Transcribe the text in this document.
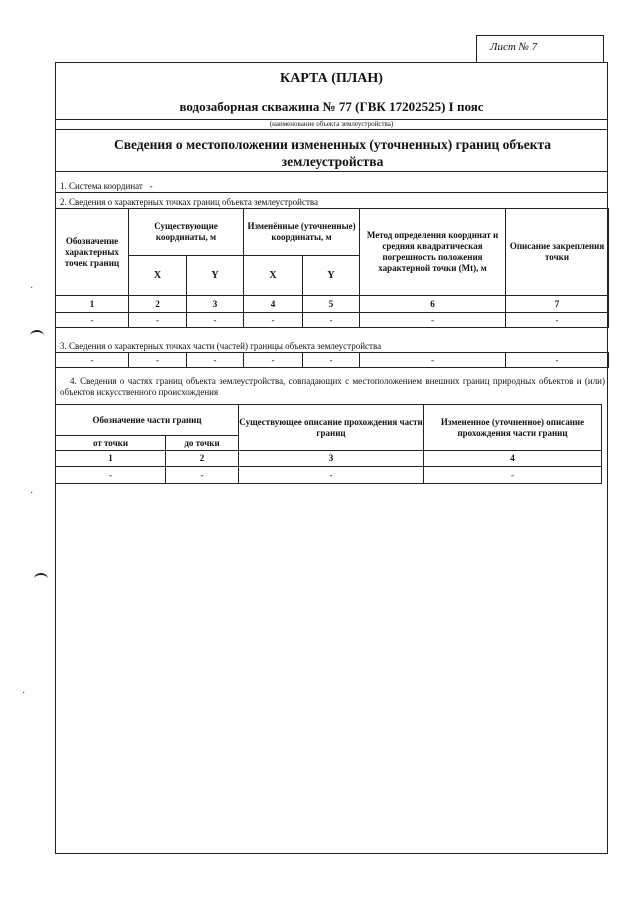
Лист № 7
·
·
·
КАРТА (ПЛАН)
водозаборная скважина № 77 (ГВК 17202525) I пояс
(наименование объекта землеустройства)
Сведения о местоположении измененных (уточненных) границ объекта землеустройства
1. Система координат -
2. Сведения о характерных точках границ объекта землеустройства
Обозначение характерных точек границ	Существующие координаты, м		Изменённые (уточненные) координаты, м		Метод определения координат и средняя квадратическая погрешность положения характерной точки (Mt), м	Описание закрепления точки
	X	Y	X	Y		
1	2	3	4	5	6	7
-	-	-	-	-	-	-
3. Сведения о характерных точках части (частей) границы объекта землеустройства
-	-	-	-	-	-	-
4. Сведения о частях границ объекта землеустройства, совпадающих с местоположением внешних границ природных объектов и (или) объектов искусственного происхождения
Обозначение части границ		Существующее описание прохождения части границ	Измененное (уточненное) описание прохождения части границ
от точки	до точки		
1	2	3	4
-	-	-	-
